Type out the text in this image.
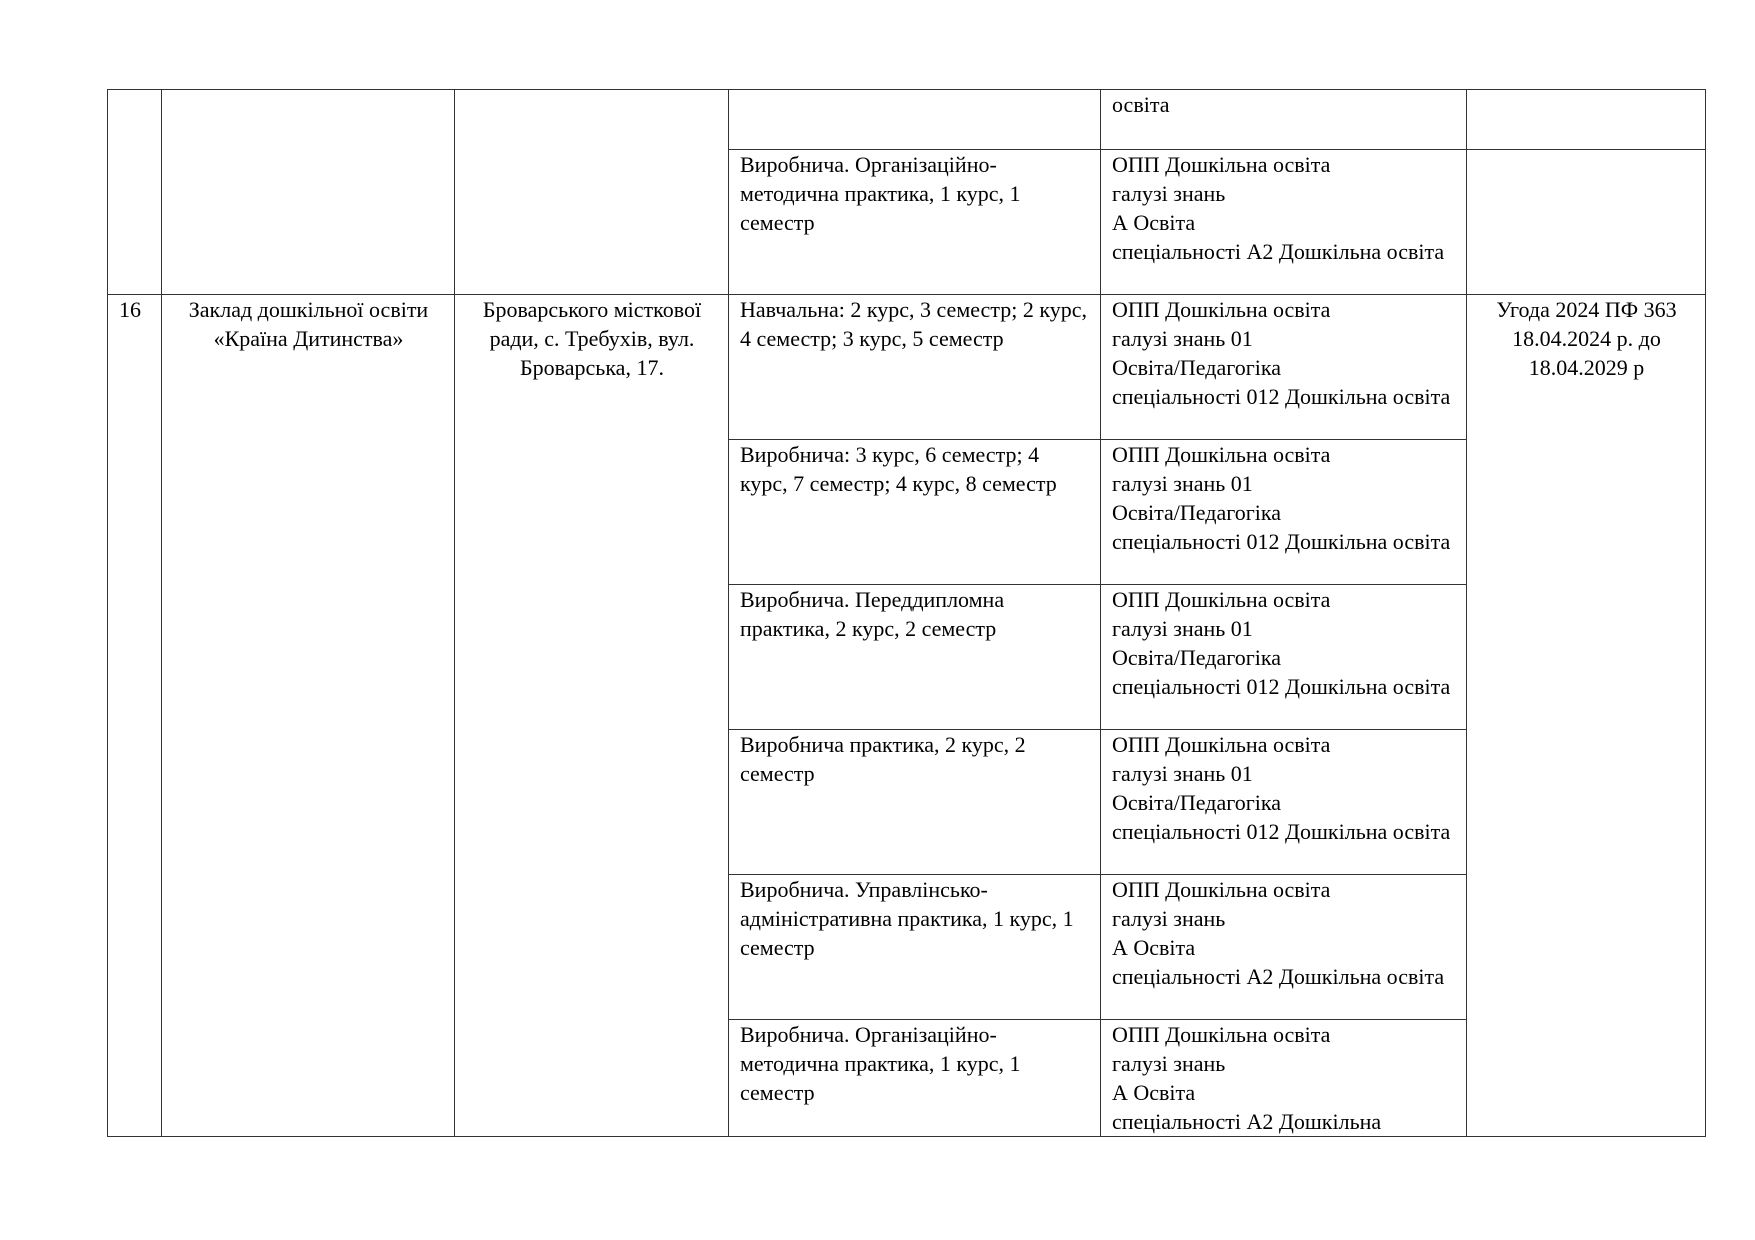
				освіта	

			Виробнича. Організаційно-методична практика, 1 курс, 1 семестр	ОПП Дошкільна освіта
галузі знань
А Освіта
спеціальності А2 Дошкільна освіта	

16	Заклад дошкільної освіти «Країна Дитинства»	Броварського місткової ради, с. Требухів, вул. Броварська, 17.	Навчальна: 2 курс, 3 семестр; 2 курс, 4 семестр; 3 курс, 5 семестр	ОПП Дошкільна освіта
галузі знань 01
Освіта/Педагогіка
спеціальності 012 Дошкільна освіта	Угода 2024 ПФ 363 18.04.2024 р. до 18.04.2029 р

			Виробнича: 3 курс, 6 семестр; 4 курс, 7 семестр; 4 курс, 8 семестр	ОПП Дошкільна освіта
галузі знань 01
Освіта/Педагогіка
спеціальності 012 Дошкільна освіта	

			Виробнича. Переддипломна практика, 2 курс, 2 семестр	ОПП Дошкільна освіта
галузі знань 01
Освіта/Педагогіка
спеціальності 012 Дошкільна освіта	

			Виробнича практика, 2 курс, 2 семестр	ОПП Дошкільна освіта
галузі знань 01
Освіта/Педагогіка
спеціальності 012 Дошкільна освіта	

			Виробнича. Управлінсько-адміністративна практика, 1 курс, 1 семестр	ОПП Дошкільна освіта
галузі знань
А Освіта
спеціальності А2 Дошкільна освіта	

			Виробнича. Організаційно-методична практика, 1 курс, 1 семестр	ОПП Дошкільна освіта
галузі знань
А Освіта
спеціальності А2 Дошкільна	
